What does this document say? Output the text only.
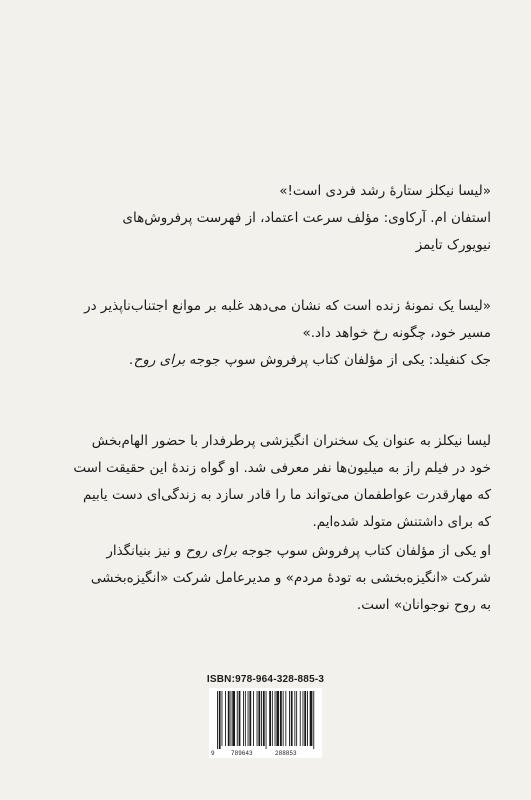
«لیسا نیکلز ستارهٔ رشد فردی است!»

استفان ام. آرکاوی: مؤلف سرعت اعتماد، از فهرست پرفروش‌های

نیویورک تایمز

«لیسا یک نمونهٔ زنده است که نشان می‌دهد غلبه بر موانع اجتناب‌ناپذیر در

مسیر خود، چگونه رخ خواهد داد.»

جک کنفیلد: یکی از مؤلفان کتاب پرفروش سوپ جوجه برای روح.

لیسا نیکلز به عنوان یک سخنران انگیزشی پرطرفدار با حضور الهام‌بخش

خود در فیلم راز به میلیون‌ها نفر معرفی شد. او گواه زندهٔ این حقیقت است

که مهارقدرت عواطفمان می‌تواند ما را قادر سازد به زندگی‌ای دست یابیم

که برای داشتنش متولد شده‌ایم.

او یکی از مؤلفان کتاب پرفروش سوپ جوجه برای روح و نیز بنیانگذار

شرکت «انگیزه‌بخشی به تودهٔ مردم» و مدیرعامل شرکت «انگیزه‌بخشی

به روح نوجوانان» است.

ISBN:978-964-328-885-3
9	789643	288853
